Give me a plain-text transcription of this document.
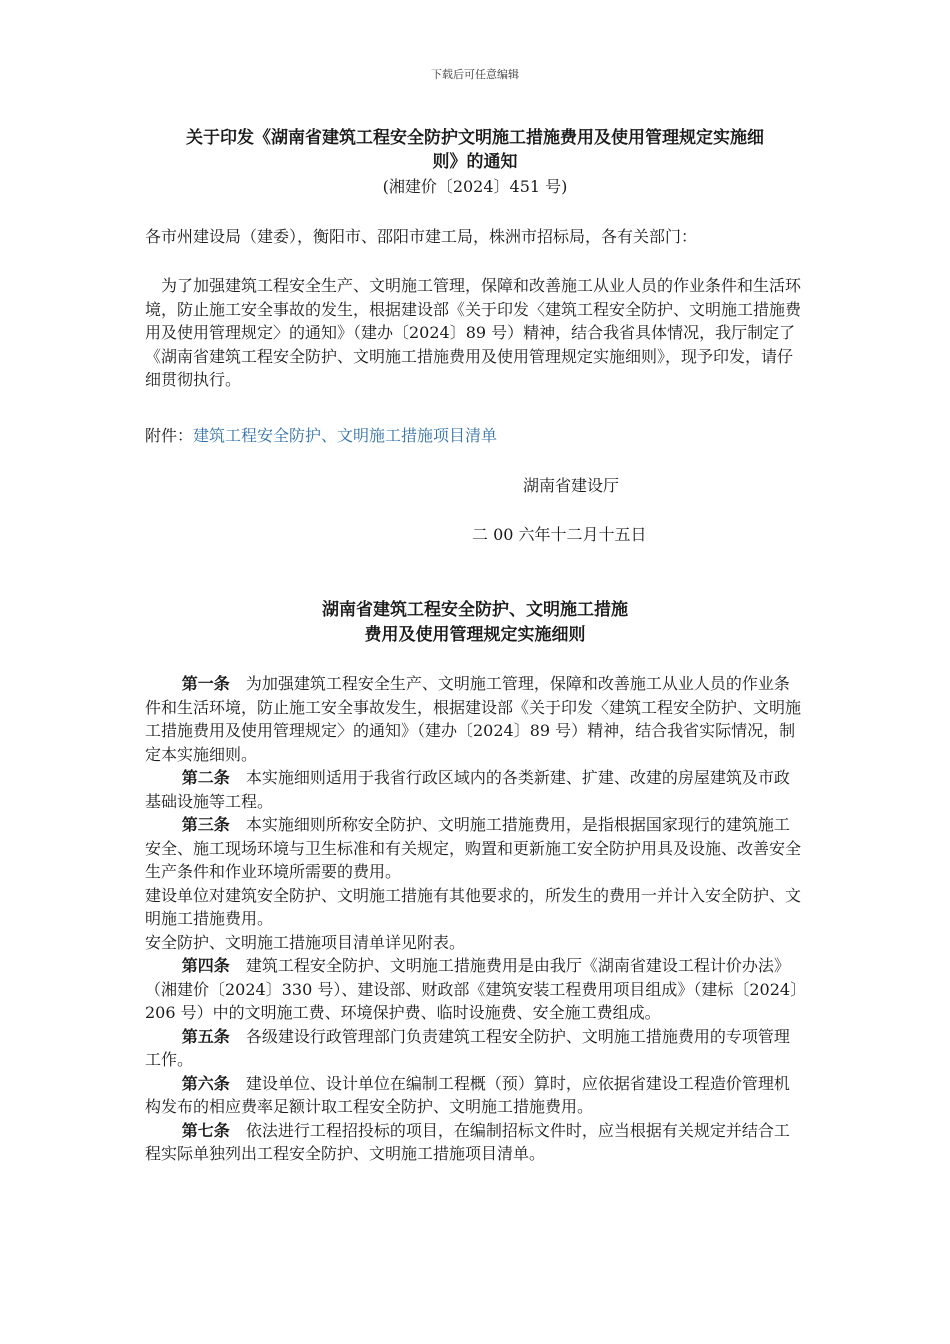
下载后可任意编辑
关于印发《湖南省建筑工程安全防护文明施工措施费用及使用管理规定实施细
则》的通知
(湘建价〔2024〕451 号)
各市州建设局（建委），衡阳市、邵阳市建工局，株洲市招标局，各有关部门：
为了加强建筑工程安全生产、文明施工管理，保障和改善施工从业人员的作业条件和生活环境，防止施工安全事故的发生，根据建设部《关于印发〈建筑工程安全防护、文明施工措施费用及使用管理规定〉的通知》（建办〔2024〕89 号）精神，结合我省具体情况，我厅制定了《湖南省建筑工程安全防护、文明施工措施费用及使用管理规定实施细则》，现予印发，请仔细贯彻执行。
附件：建筑工程安全防护、文明施工措施项目清单
湖南省建设厅
二 00 六年十二月十五日
湖南省建筑工程安全防护、文明施工措施
费用及使用管理规定实施细则

第一条 为加强建筑工程安全生产、文明施工管理，保障和改善施工从业人员的作业条件和生活环境，防止施工安全事故发生，根据建设部《关于印发〈建筑工程安全防护、文明施工措施费用及使用管理规定〉的通知》（建办〔2024〕89 号）精神，结合我省实际情况，制定本实施细则。

第二条 本实施细则适用于我省行政区域内的各类新建、扩建、改建的房屋建筑及市政基础设施等工程。

第三条 本实施细则所称安全防护、文明施工措施费用，是指根据国家现行的建筑施工安全、施工现场环境与卫生标准和有关规定，购置和更新施工安全防护用具及设施、改善安全生产条件和作业环境所需要的费用。

建设单位对建筑安全防护、文明施工措施有其他要求的，所发生的费用一并计入安全防护、文明施工措施费用。

安全防护、文明施工措施项目清单详见附表。

第四条 建筑工程安全防护、文明施工措施费用是由我厅《湖南省建设工程计价办法》（湘建价〔2024〕330 号）、建设部、财政部《建筑安装工程费用项目组成》（建标〔2024〕206 号）中的文明施工费、环境保护费、临时设施费、安全施工费组成。

第五条 各级建设行政管理部门负责建筑工程安全防护、文明施工措施费用的专项管理工作。

第六条 建设单位、设计单位在编制工程概（预）算时，应依据省建设工程造价管理机构发布的相应费率足额计取工程安全防护、文明施工措施费用。

第七条 依法进行工程招投标的项目，在编制招标文件时，应当根据有关规定并结合工程实际单独列出工程安全防护、文明施工措施项目清单。
